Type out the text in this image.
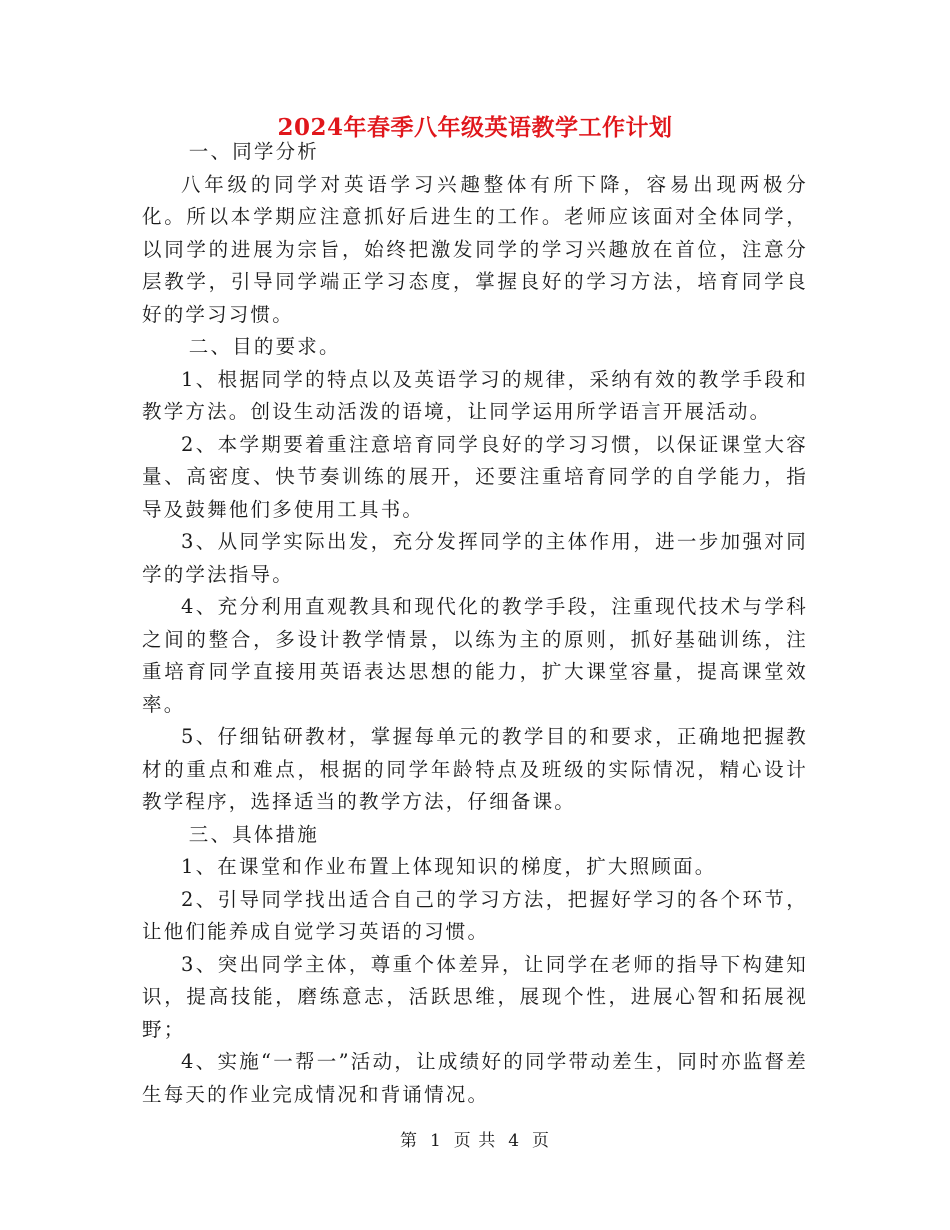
2024年春季八年级英语教学工作计划

一、同学分析

八年级的同学对英语学习兴趣整体有所下降，容易出现两极分化。所以本学期应注意抓好后进生的工作。老师应该面对全体同学，以同学的进展为宗旨，始终把激发同学的学习兴趣放在首位，注意分层教学，引导同学端正学习态度，掌握良好的学习方法，培育同学良好的学习习惯。

二、目的要求。

1、根据同学的特点以及英语学习的规律，采纳有效的教学手段和教学方法。创设生动活泼的语境，让同学运用所学语言开展活动。

2、本学期要着重注意培育同学良好的学习习惯，以保证课堂大容量、高密度、快节奏训练的展开，还要注重培育同学的自学能力，指导及鼓舞他们多使用工具书。

3、从同学实际出发，充分发挥同学的主体作用，进一步加强对同学的学法指导。

4、充分利用直观教具和现代化的教学手段，注重现代技术与学科之间的整合，多设计教学情景，以练为主的原则，抓好基础训练，注重培育同学直接用英语表达思想的能力，扩大课堂容量，提高课堂效率。

5、仔细钻研教材，掌握每单元的教学目的和要求，正确地把握教材的重点和难点，根据的同学年龄特点及班级的实际情况，精心设计教学程序，选择适当的教学方法，仔细备课。

三、具体措施

1、在课堂和作业布置上体现知识的梯度，扩大照顾面。

2、引导同学找出适合自己的学习方法，把握好学习的各个环节，让他们能养成自觉学习英语的习惯。

3、突出同学主体，尊重个体差异，让同学在老师的指导下构建知识，提高技能，磨练意志，活跃思维，展现个性，进展心智和拓展视野；

4、实施“一帮一”活动，让成绩好的同学带动差生，同时亦监督差生每天的作业完成情况和背诵情况。

第 1 页 共 4 页
